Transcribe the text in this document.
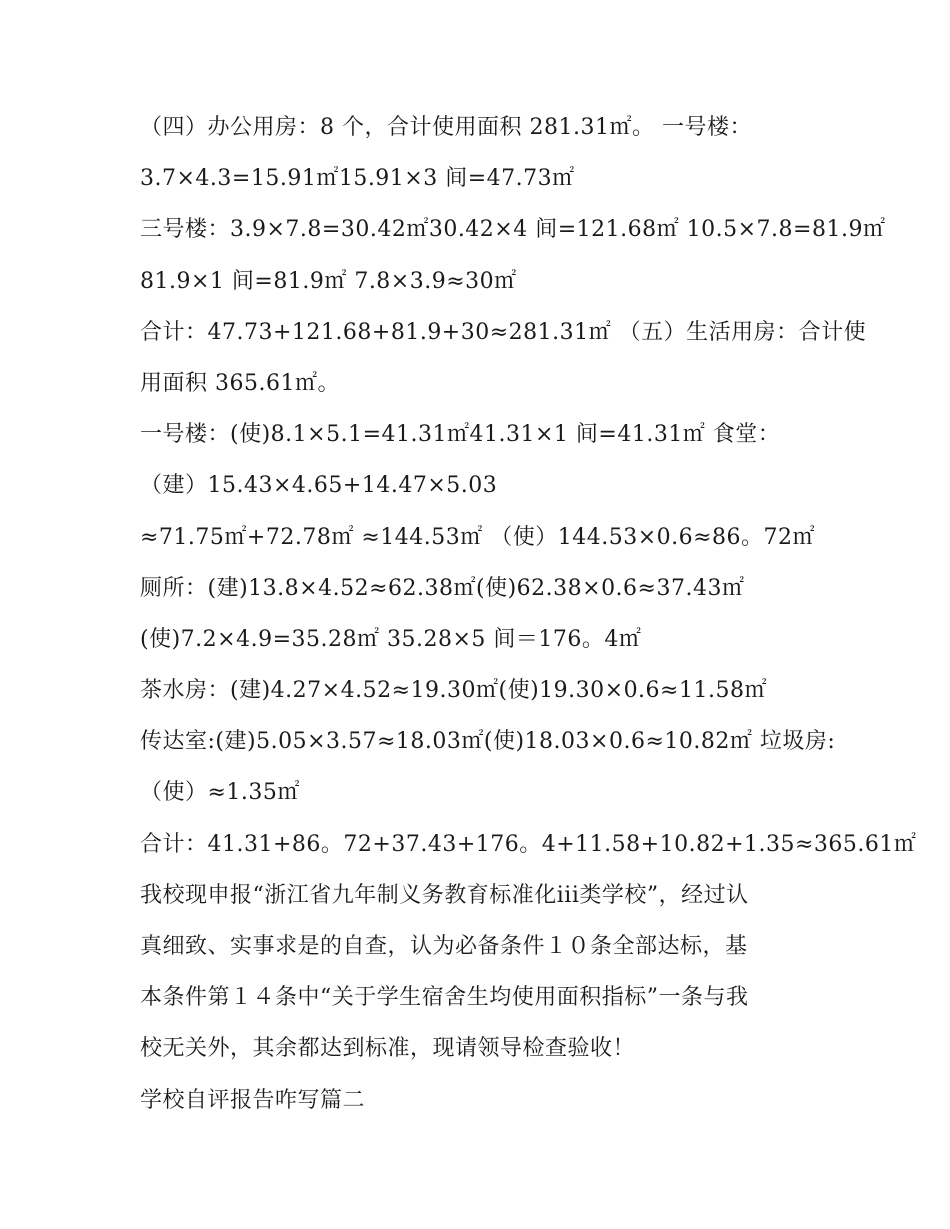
（四）办公用房：8 个，合计使用面积 281.31㎡。 一号楼：
3.7×4.3=15.91㎡15.91×3 间=47.73㎡
三号楼：3.9×7.8=30.42㎡30.42×4 间=121.68㎡ 10.5×7.8=81.9㎡
81.9×1 间=81.9㎡ 7.8×3.9≈30㎡
合计：47.73+121.68+81.9+30≈281.31㎡ （五）生活用房：合计使
用面积 365.61㎡。
一号楼：(使)8.1×5.1=41.31㎡41.31×1 间=41.31㎡ 食堂：
（建）15.43×4.65+14.47×5.03
≈71.75㎡+72.78㎡ ≈144.53㎡ （使）144.53×0.6≈86。72㎡
厕所：(建)13.8×4.52≈62.38㎡(使)62.38×0.6≈37.43㎡
(使)7.2×4.9=35.28㎡ 35.28×5 间＝176。4㎡
茶水房：(建)4.27×4.52≈19.30㎡(使)19.30×0.6≈11.58㎡
传达室:(建)5.05×3.57≈18.03㎡(使)18.03×0.6≈10.82㎡ 垃圾房:
（使）≈1.35㎡
合计：41.31+86。72+37.43+176。4+11.58+10.82+1.35≈365.61㎡
我校现申报“浙江省九年制义务教育标准化iii类学校”，经过认
真细致、实事求是的自查，认为必备条件１０条全部达标，基
本条件第１４条中“关于学生宿舍生均使用面积指标”一条与我
校无关外，其余都达到标准，现请领导检查验收！
学校自评报告咋写篇二
